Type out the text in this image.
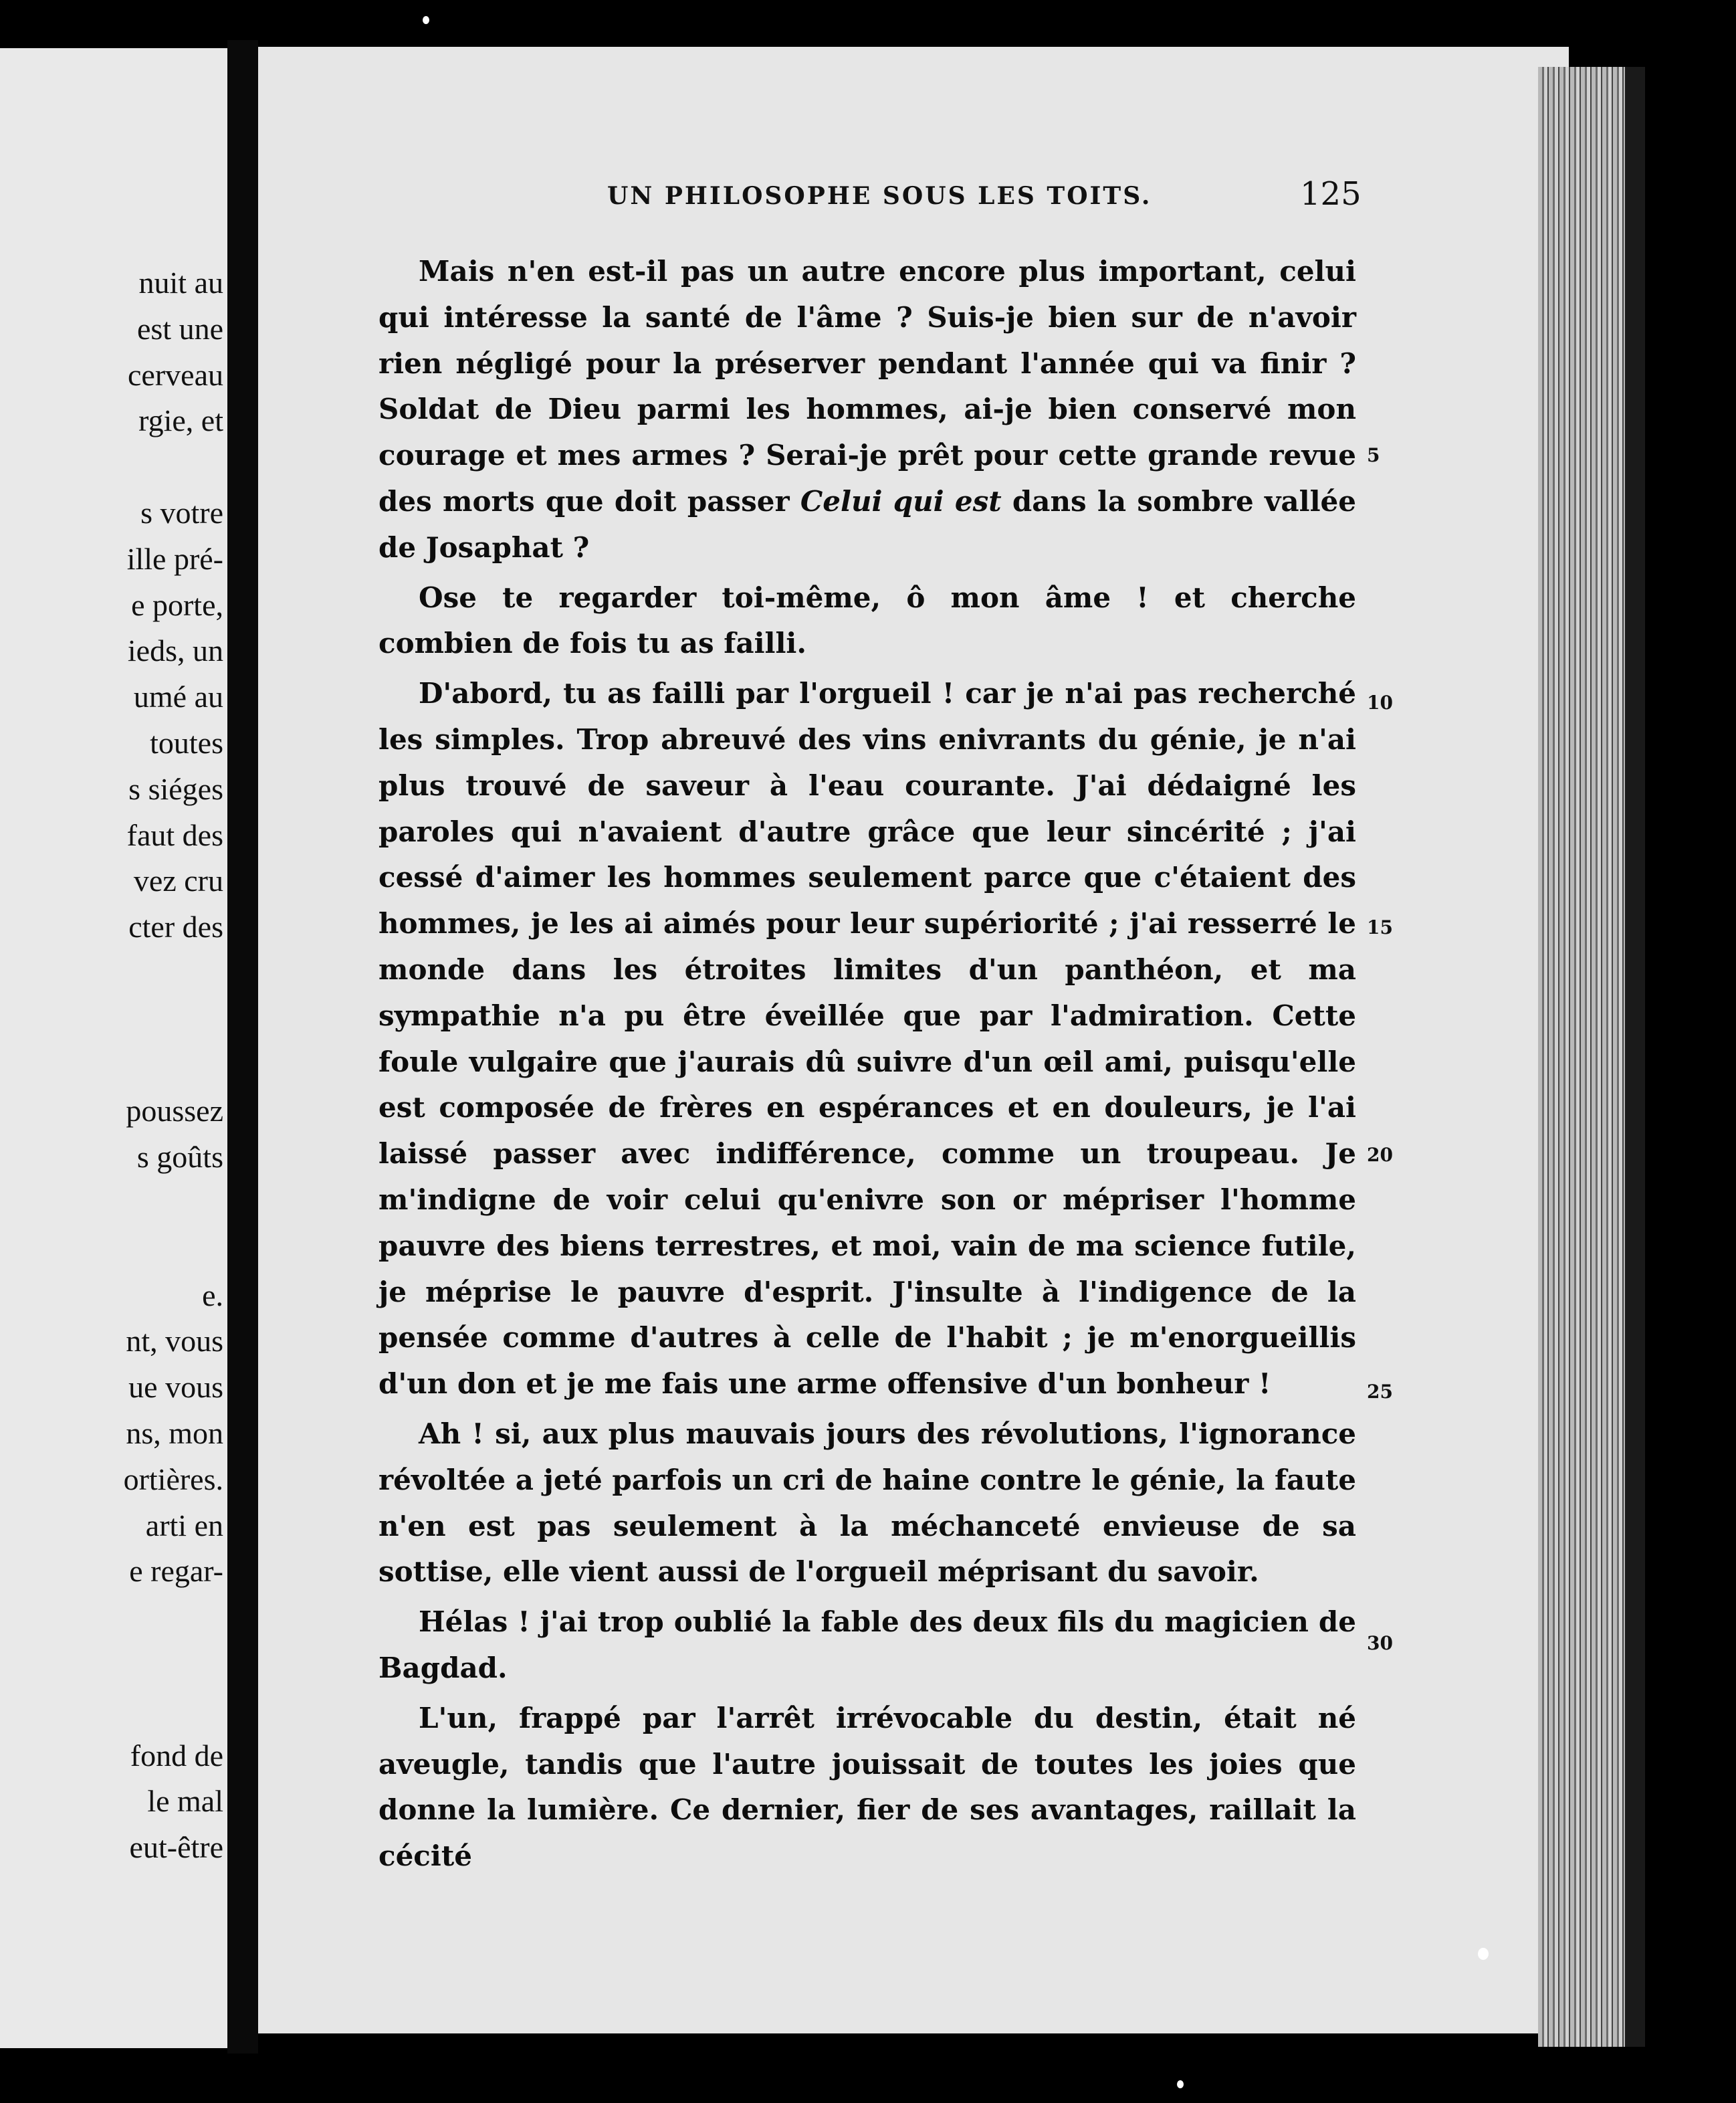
nuit au
est une
cerveau
rgie, et
s votre
ille pré-
e porte,
ieds, un
umé au
toutes
s siéges
faut des
vez cru
cter des
poussez
s goûts
e.
nt, vous
ue vous
ns, mon
ortières.
arti en
e regar-
fond de
le mal
eut-être
UN PHILOSOPHE SOUS LES TOITS.	125

Mais n'en est-il pas un autre encore plus important, celui qui intéresse la santé de l'âme ? Suis-je bien sur de n'avoir rien négligé pour la préserver pendant l'année qui va finir ? Soldat de Dieu parmi les hommes, ai-je bien conservé mon courage et mes armes ? Serai-je prêt pour cette grande revue des morts que doit passer Celui qui est dans la sombre vallée de Josaphat ?

Ose te regarder toi-même, ô mon âme ! et cherche combien de fois tu as failli.

D'abord, tu as failli par l'orgueil ! car je n'ai pas recherché les simples. Trop abreuvé des vins enivrants du génie, je n'ai plus trouvé de saveur à l'eau courante. J'ai dédaigné les paroles qui n'avaient d'autre grâce que leur sincérité ; j'ai cessé d'aimer les hommes seulement parce que c'étaient des hommes, je les ai aimés pour leur supériorité ; j'ai resserré le monde dans les étroites limites d'un panthéon, et ma sympathie n'a pu être éveillée que par l'admiration. Cette foule vulgaire que j'aurais dû suivre d'un œil ami, puisqu'elle est composée de frères en espérances et en douleurs, je l'ai laissé passer avec indifférence, comme un troupeau. Je m'indigne de voir celui qu'enivre son or mépriser l'homme pauvre des biens terrestres, et moi, vain de ma science futile, je méprise le pauvre d'esprit. J'insulte à l'indigence de la pensée comme d'autres à celle de l'habit ; je m'enorgueillis d'un don et je me fais une arme offensive d'un bonheur !

Ah ! si, aux plus mauvais jours des révolutions, l'ignorance révoltée a jeté parfois un cri de haine contre le génie, la faute n'en est pas seulement à la méchanceté envieuse de sa sottise, elle vient aussi de l'orgueil méprisant du savoir.

Hélas ! j'ai trop oublié la fable des deux fils du magicien de Bagdad.

L'un, frappé par l'arrêt irrévocable du destin, était né aveugle, tandis que l'autre jouissait de toutes les joies que donne la lumière. Ce dernier, fier de ses avantages, raillait la cécité

5
10
15
20
25
30
